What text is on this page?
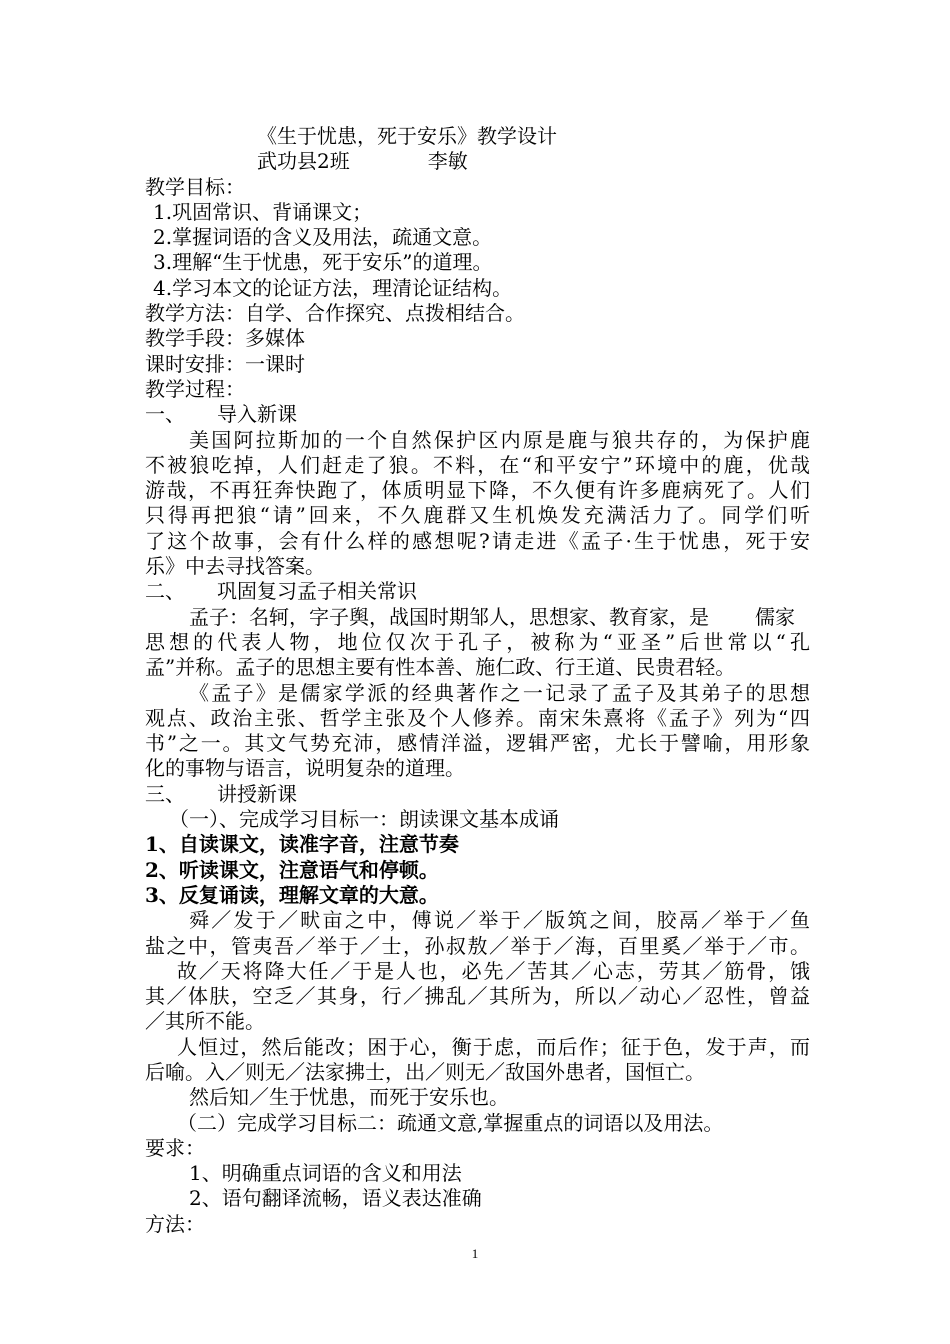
《生于忧患，死于安乐》教学设计
武功县2班	李敏
教学目标：
1.巩固常识、背诵课文；
2.掌握词语的含义及用法，疏通文意。
3.理解“生于忧患，死于安乐”的道理。
4.学习本文的论证方法，理清论证结构。
教学方法：自学、合作探究、点拨相结合。
教学手段：多媒体
课时安排：一课时
教学过程：
一、 导入新课
美国阿拉斯加的一个自然保护区内原是鹿与狼共存的，为保护鹿
不被狼吃掉，人们赶走了狼。不料，在“和平安宁”环境中的鹿，优哉
游哉，不再狂奔快跑了，体质明显下降，不久便有许多鹿病死了。人们
只得再把狼“请”回来，不久鹿群又生机焕发充满活力了。同学们听
了这个故事，会有什么样的感想呢?请走进《孟子·生于忧患，死于安
乐》中去寻找答案。
二、 巩固复习孟子相关常识
孟子：名轲，字子舆，战国时期邹人，思想家、教育家，是 儒家
思想的代表人物，地位仅次于孔子，被称为“亚圣”后世常以“孔
孟”并称。孟子的思想主要有性本善、施仁政、行王道、民贵君轻。
《孟子》是儒家学派的经典著作之一记录了孟子及其弟子的思想
观点、政治主张、哲学主张及个人修养。南宋朱熹将《孟子》列为“四
书”之一。其文气势充沛，感情洋溢，逻辑严密，尤长于譬喻，用形象
化的事物与语言，说明复杂的道理。
三、 讲授新课
（一）、完成学习目标一：朗读课文基本成诵
1、自读课文，读准字音，注意节奏
2、听读课文，注意语气和停顿。
3、反复诵读，理解文章的大意。
舜／发于／畎亩之中，傅说／举于／版筑之间，胶鬲／举于／鱼
盐之中，管夷吾／举于／士，孙叔敖／举于／海，百里奚／举于／市。
故／天将降大任／于是人也，必先／苦其／心志，劳其／筋骨，饿
其／体肤，空乏／其身，行／拂乱／其所为，所以／动心／忍性，曾益
／其所不能。
人恒过，然后能改；困于心，衡于虑，而后作；征于色，发于声，而
后喻。入／则无／法家拂士，出／则无／敌国外患者，国恒亡。
然后知／生于忧患，而死于安乐也。
（二）完成学习目标二：疏通文意,掌握重点的词语以及用法。
要求：
1、明确重点词语的含义和用法
2、语句翻译流畅，语义表达准确
方法：
1
